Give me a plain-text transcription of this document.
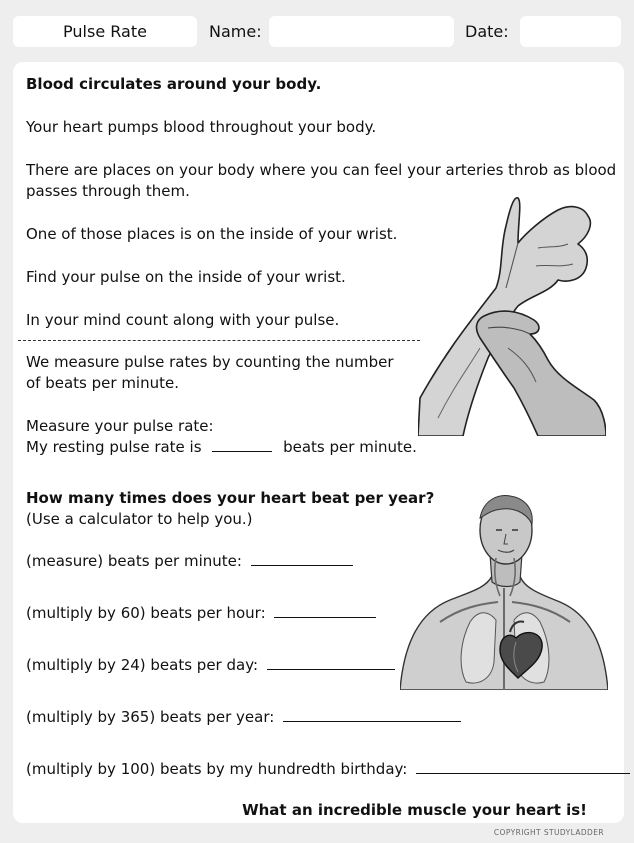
Pulse Rate	Name:	Date:
Blood circulates around your body.
Your heart pumps blood throughout your body.
There are places on your body where you can feel your arteries throb as blood
passes through them.
One of those places is on the inside of your wrist.
Find your pulse on the inside of your wrist.
In your mind count along with your pulse.
We measure pulse rates by counting the number
of beats per minute.
Measure your pulse rate:
My resting pulse rate is	beats per minute.
How many times does your heart beat per year?
(Use a calculator to help you.)
(measure) beats per minute:
(multiply by 60) beats per hour:
(multiply by 24) beats per day:
(multiply by 365) beats per year:
(multiply by 100) beats by my hundredth birthday:
What an incredible muscle your heart is!
COPYRIGHT STUDYLADDER
